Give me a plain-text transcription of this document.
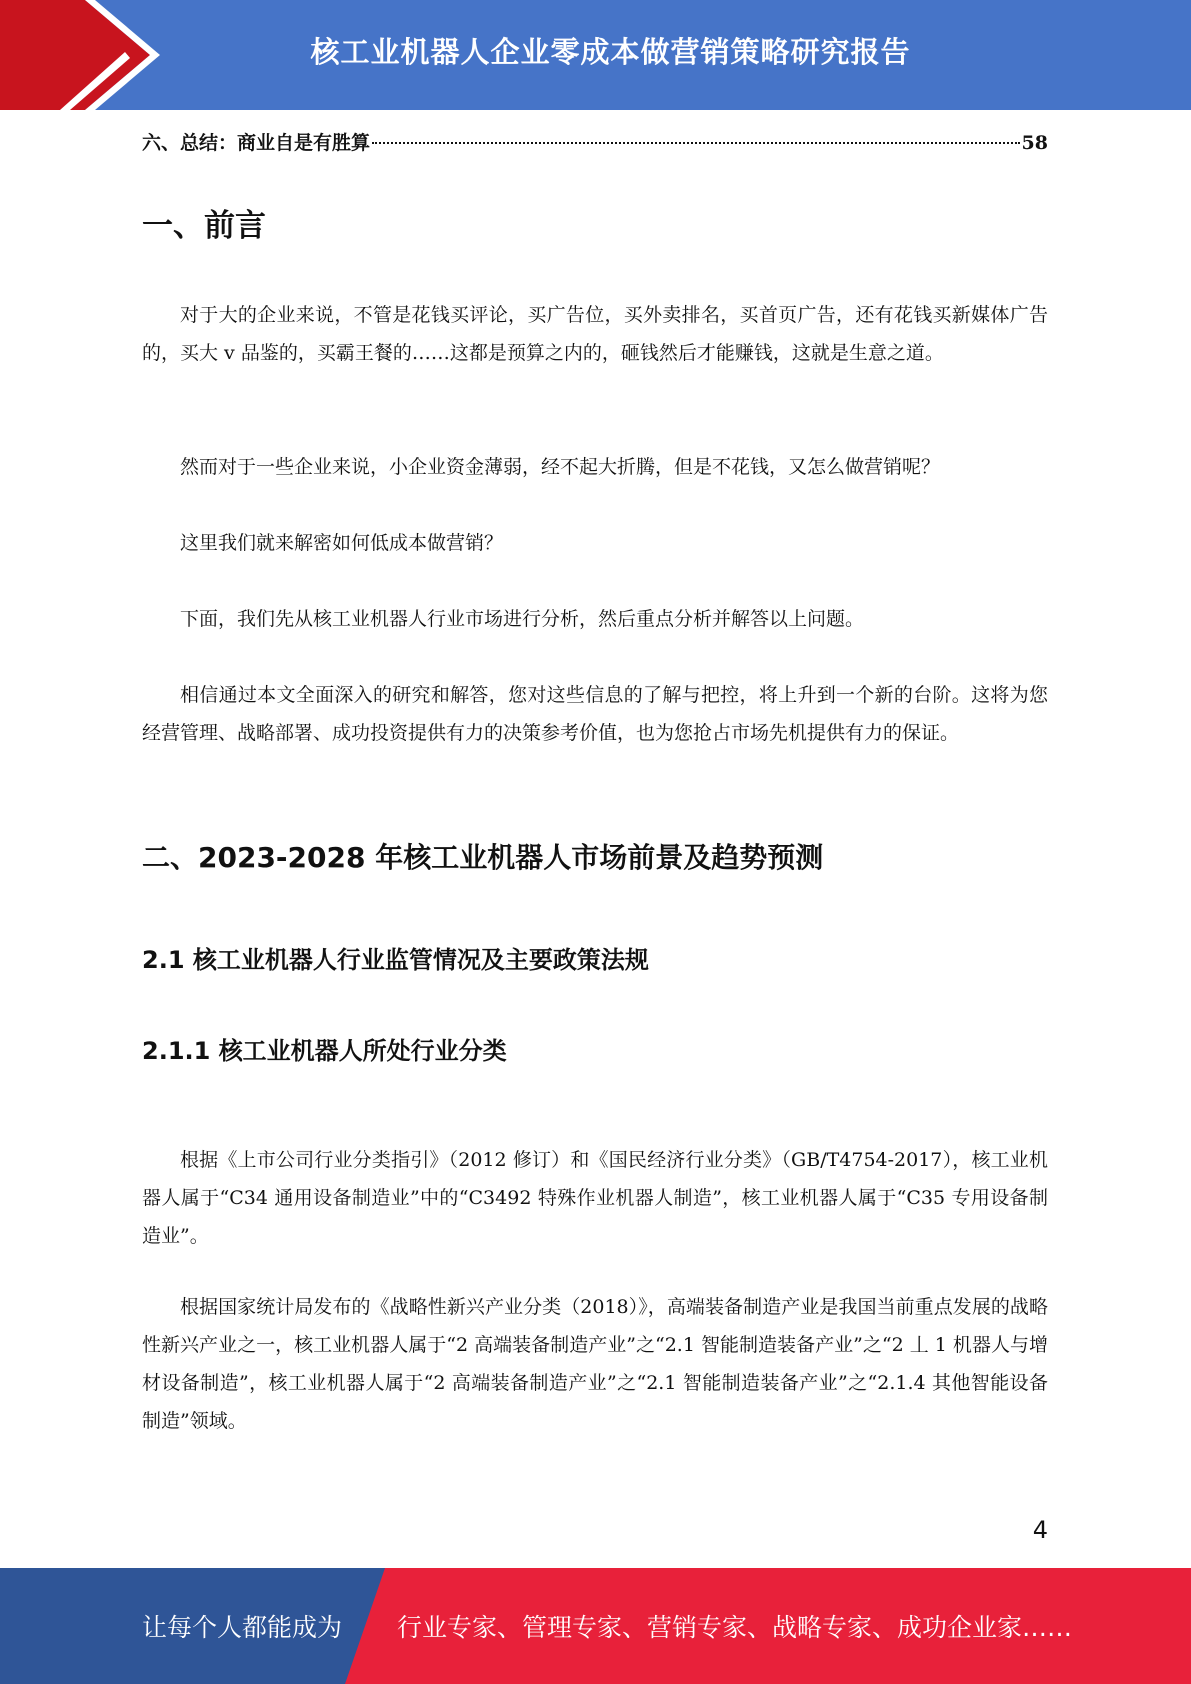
核工业机器人企业零成本做营销策略研究报告
六、总结：商业自是有胜算	58
一、前言

对于大的企业来说，不管是花钱买评论，买广告位，买外卖排名，买首页广告，还有花钱买新媒体广告的，买大 v 品鉴的，买霸王餐的……这都是预算之内的，砸钱然后才能赚钱，这就是生意之道。

然而对于一些企业来说，小企业资金薄弱，经不起大折腾，但是不花钱，又怎么做营销呢？

这里我们就来解密如何低成本做营销？

下面，我们先从核工业机器人行业市场进行分析，然后重点分析并解答以上问题。

相信通过本文全面深入的研究和解答，您对这些信息的了解与把控，将上升到一个新的台阶。这将为您经营管理、战略部署、成功投资提供有力的决策参考价值，也为您抢占市场先机提供有力的保证。

二、2023-2028 年核工业机器人市场前景及趋势预测
2.1 核工业机器人行业监管情况及主要政策法规
2.1.1 核工业机器人所处行业分类

根据《上市公司行业分类指引》（2012 修订）和《国民经济行业分类》（GB/T4754-2017），核工业机器人属于“C34 通用设备制造业”中的“C3492 特殊作业机器人制造”，核工业机器人属于“C35 专用设备制造业”。

根据国家统计局发布的《战略性新兴产业分类（2018）》，高端装备制造产业是我国当前重点发展的战略性新兴产业之一，核工业机器人属于“2 高端装备制造产业”之“2.1 智能制造装备产业”之“2 丄 1 机器人与增材设备制造”，核工业机器人属于“2 高端装备制造产业”之“2.1 智能制造装备产业”之“2.1.4 其他智能设备制造”领域。

4
让每个人都能成为 行业专家、管理专家、营销专家、战略专家、成功企业家……
